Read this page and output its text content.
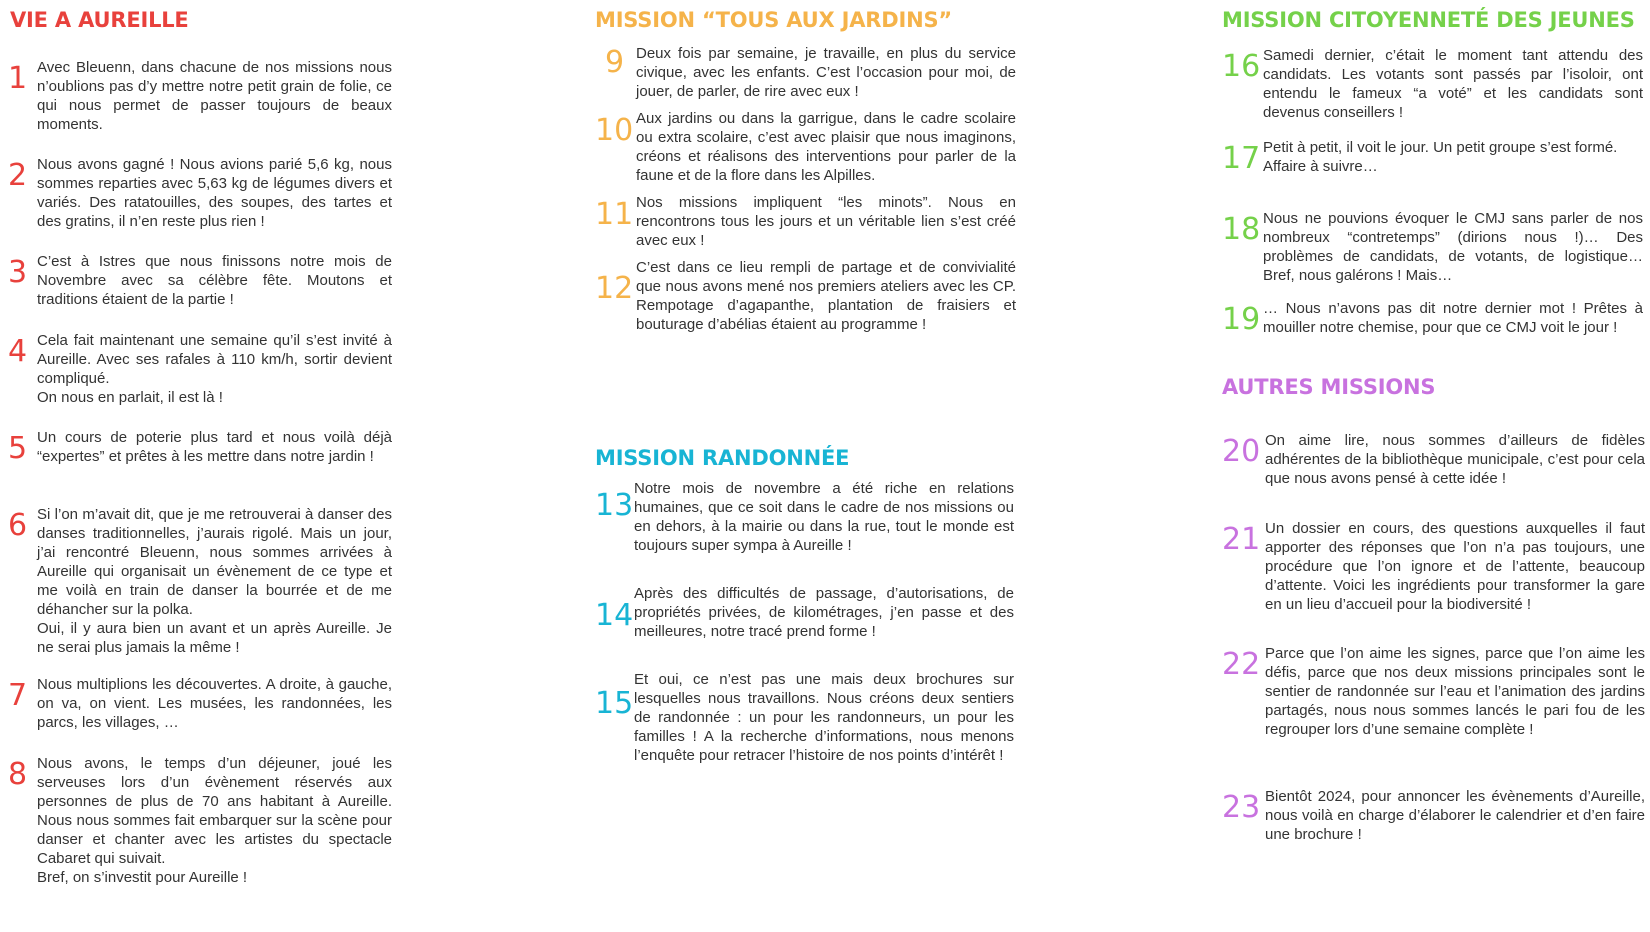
VIE A AUREILLE
1 Avec Bleuenn, dans chacune de nos missions nous n’oublions pas d’y mettre notre petit grain de folie, ce qui nous permet de passer toujours de beaux moments.
2 Nous avons gagné ! Nous avions parié 5,6 kg, nous sommes reparties avec 5,63 kg de légumes divers et variés. Des ratatouilles, des soupes, des tartes et des gratins, il n’en reste plus rien !
3 C’est à Istres que nous finissons notre mois de Novembre avec sa célèbre fête. Moutons et traditions étaient de la partie !
4 Cela fait maintenant une semaine qu’il s’est invité à Aureille. Avec ses rafales à 110 km/h, sortir devient compliqué.
On nous en parlait, il est là !
5 Un cours de poterie plus tard et nous voilà déjà “expertes” et prêtes à les mettre dans notre jardin !
6 Si l’on m’avait dit, que je me retrouverai à danser des danses traditionnelles, j’aurais rigolé. Mais un jour, j’ai rencontré Bleuenn, nous sommes arrivées à Aureille qui organisait un évènement de ce type et me voilà en train de danser la bourrée et de me déhancher sur la polka.
Oui, il y aura bien un avant et un après Aureille. Je ne serai plus jamais la même !
7 Nous multiplions les découvertes. A droite, à gauche, on va, on vient. Les musées, les randonnées, les parcs, les villages, …
8 Nous avons, le temps d’un déjeuner, joué les serveuses lors d’un évènement réservés aux personnes de plus de 70 ans habitant à Aureille. Nous nous sommes fait embarquer sur la scène pour danser et chanter avec les artistes du spectacle Cabaret qui suivait.
Bref, on s’investit pour Aureille !
MISSION “TOUS AUX JARDINS”
9 Deux fois par semaine, je travaille, en plus du service civique, avec les enfants. C’est l’occasion pour moi, de jouer, de parler, de rire avec eux !
10 Aux jardins ou dans la garrigue, dans le cadre scolaire ou extra scolaire, c’est avec plaisir que nous imaginons, créons et réalisons des interventions pour parler de la faune et de la flore dans les Alpilles.
11 Nos missions impliquent “les minots”. Nous en rencontrons tous les jours et un véritable lien s’est créé avec eux !
12
C’est dans ce lieu rempli de partage et de convivialité que nous avons mené nos premiers ateliers avec les CP. Rempotage d’agapanthe, plantation de fraisiers et bouturage d’abélias étaient au programme !
MISSION RANDONNÉE
13 Notre mois de novembre a été riche en relations humaines, que ce soit dans le cadre de nos missions ou en dehors, à la mairie ou dans la rue, tout le monde est toujours super sympa à Aureille !
14
Après des difficultés de passage, d’autorisations, de propriétés privées, de kilométrages, j’en passe et des meilleures, notre tracé prend forme !
15
Et oui, ce n’est pas une mais deux brochures sur lesquelles nous travaillons. Nous créons deux sentiers de randonnée : un pour les randonneurs, un pour les familles ! A la recherche d’informations, nous menons l’enquête pour retracer l’histoire de nos points d’intérêt !
MISSION CITOYENNETÉ DES JEUNES
16 Samedi dernier, c’était le moment tant attendu des candidats. Les votants sont passés par l’isoloir, ont entendu le fameux “a voté” et les candidats sont devenus conseillers !
17 Petit à petit, il voit le jour. Un petit groupe s’est formé.
Affaire à suivre…
18 Nous ne pouvions évoquer le CMJ sans parler de nos nombreux “contretemps” (dirions nous !)… Des problèmes de candidats, de votants, de logistique… Bref, nous galérons ! Mais…
19 … Nous n’avons pas dit notre dernier mot ! Prêtes à mouiller notre chemise, pour que ce CMJ voit le jour !
AUTRES MISSIONS
20 On aime lire, nous sommes d’ailleurs de fidèles adhérentes de la bibliothèque municipale, c’est pour cela que nous avons pensé à cette idée !
21 Un dossier en cours, des questions auxquelles il faut apporter des réponses que l’on n’a pas toujours, une procédure que l’on ignore et de l’attente, beaucoup d’attente. Voici les ingrédients pour transformer la gare en un lieu d’accueil pour la biodiversité !
22 Parce que l’on aime les signes, parce que l’on aime les défis, parce que nos deux missions principales sont le sentier de randonnée sur l’eau et l’animation des jardins partagés, nous nous sommes lancés le pari fou de les regrouper lors d’une semaine complète !
23 Bientôt 2024, pour annoncer les évènements d’Aureille, nous voilà en charge d’élaborer le calendrier et d’en faire une brochure !
